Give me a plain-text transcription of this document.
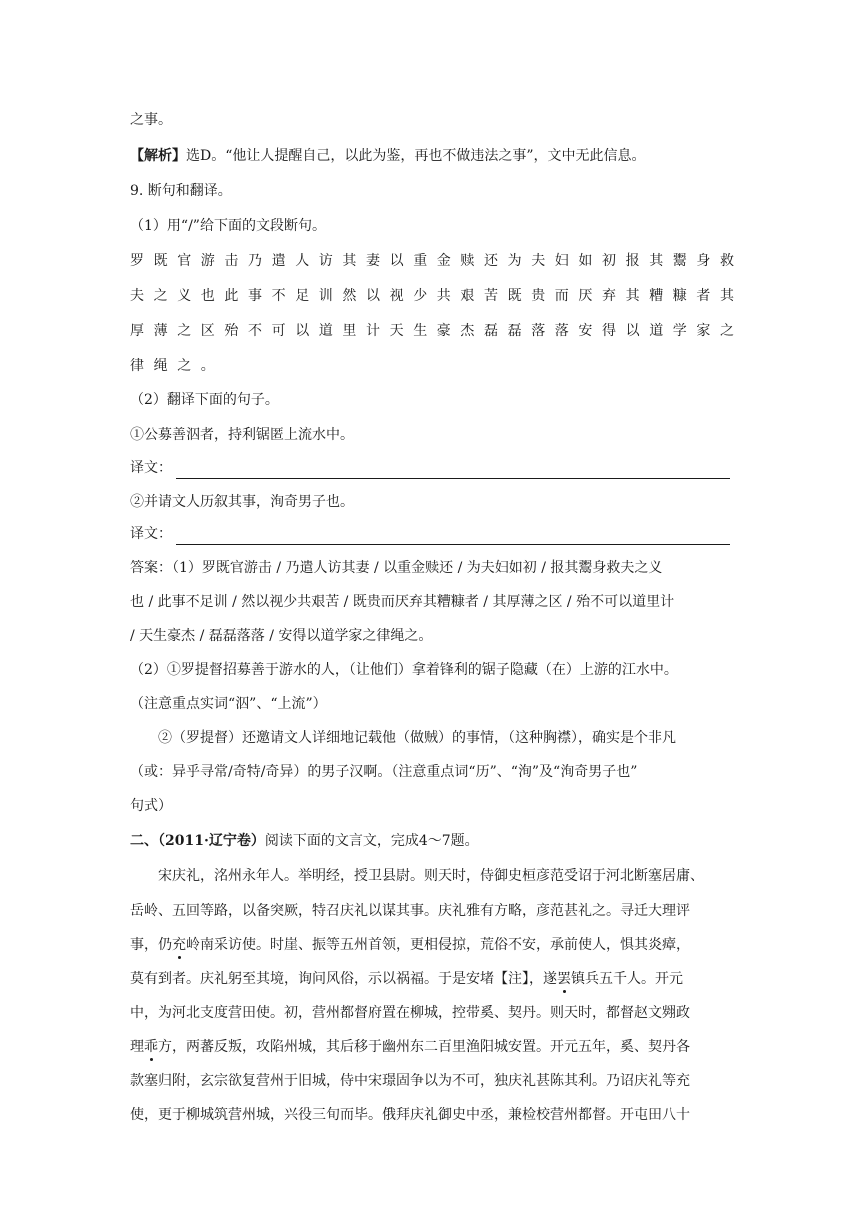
之事。
【解析】选D。“他让人提醒自己，以此为鉴，再也不做违法之事”，文中无此信息。
9. 断句和翻译。
（1）用“/”给下面的文段断句。
罗既官游击乃遣人访其妻以重金赎还为夫妇如初报其鬻身救
夫之义也此事不足训然以视少共艰苦既贵而厌弃其糟糠者其
厚薄之区殆不可以道里计天生豪杰磊磊落落安得以道学家之
律绳之。
（2）翻译下面的句子。
①公募善泅者，持利锯匿上流水中。
译文：
②并请文人历叙其事，洵奇男子也。
译文：
答案：（1）罗既官游击 / 乃遣人访其妻 / 以重金赎还 / 为夫妇如初 / 报其鬻身救夫之义
也 / 此事不足训 / 然以视少共艰苦 / 既贵而厌弃其糟糠者 / 其厚薄之区 / 殆不可以道里计
/ 天生豪杰 / 磊磊落落 / 安得以道学家之律绳之。
（2）①罗提督招募善于游水的人，（让他们）拿着锋利的锯子隐藏（在）上游的江水中。
（注意重点实词“泅”、“上流”）
②（罗提督）还邀请文人详细地记载他（做贼）的事情，（这种胸襟），确实是个非凡
（或：异乎寻常/奇特/奇异）的男子汉啊。（注意重点词“历”、“洵”及“洵奇男子也”
句式）
二、（2011·辽宁卷）阅读下面的文言文，完成4～7题。
宋庆礼，洺州永年人。举明经，授卫县尉。则天时，侍御史桓彦范受诏于河北断塞居庸、
岳岭、五回等路，以备突厥，特召庆礼以谋其事。庆礼雅有方略，彦范甚礼之。寻迁大理评
事，仍充岭南采访使。时崖、振等五州首领，更相侵掠，荒俗不安，承前使人，惧其炎瘴，
莫有到者。庆礼躬至其境，询问风俗，示以祸福。于是安堵【注】，遂罢镇兵五千人。开元
中，为河北支度营田使。初，营州都督府置在柳城，控带奚、契丹。则天时，都督赵文翙政
理乖方，两蕃反叛，攻陷州城，其后移于幽州东二百里渔阳城安置。开元五年，奚、契丹各
款塞归附，玄宗欲复营州于旧城，侍中宋璟固争以为不可，独庆礼甚陈其利。乃诏庆礼等充
使，更于柳城筑营州城，兴役三旬而毕。俄拜庆礼御史中丞，兼检校营州都督。开屯田八十
